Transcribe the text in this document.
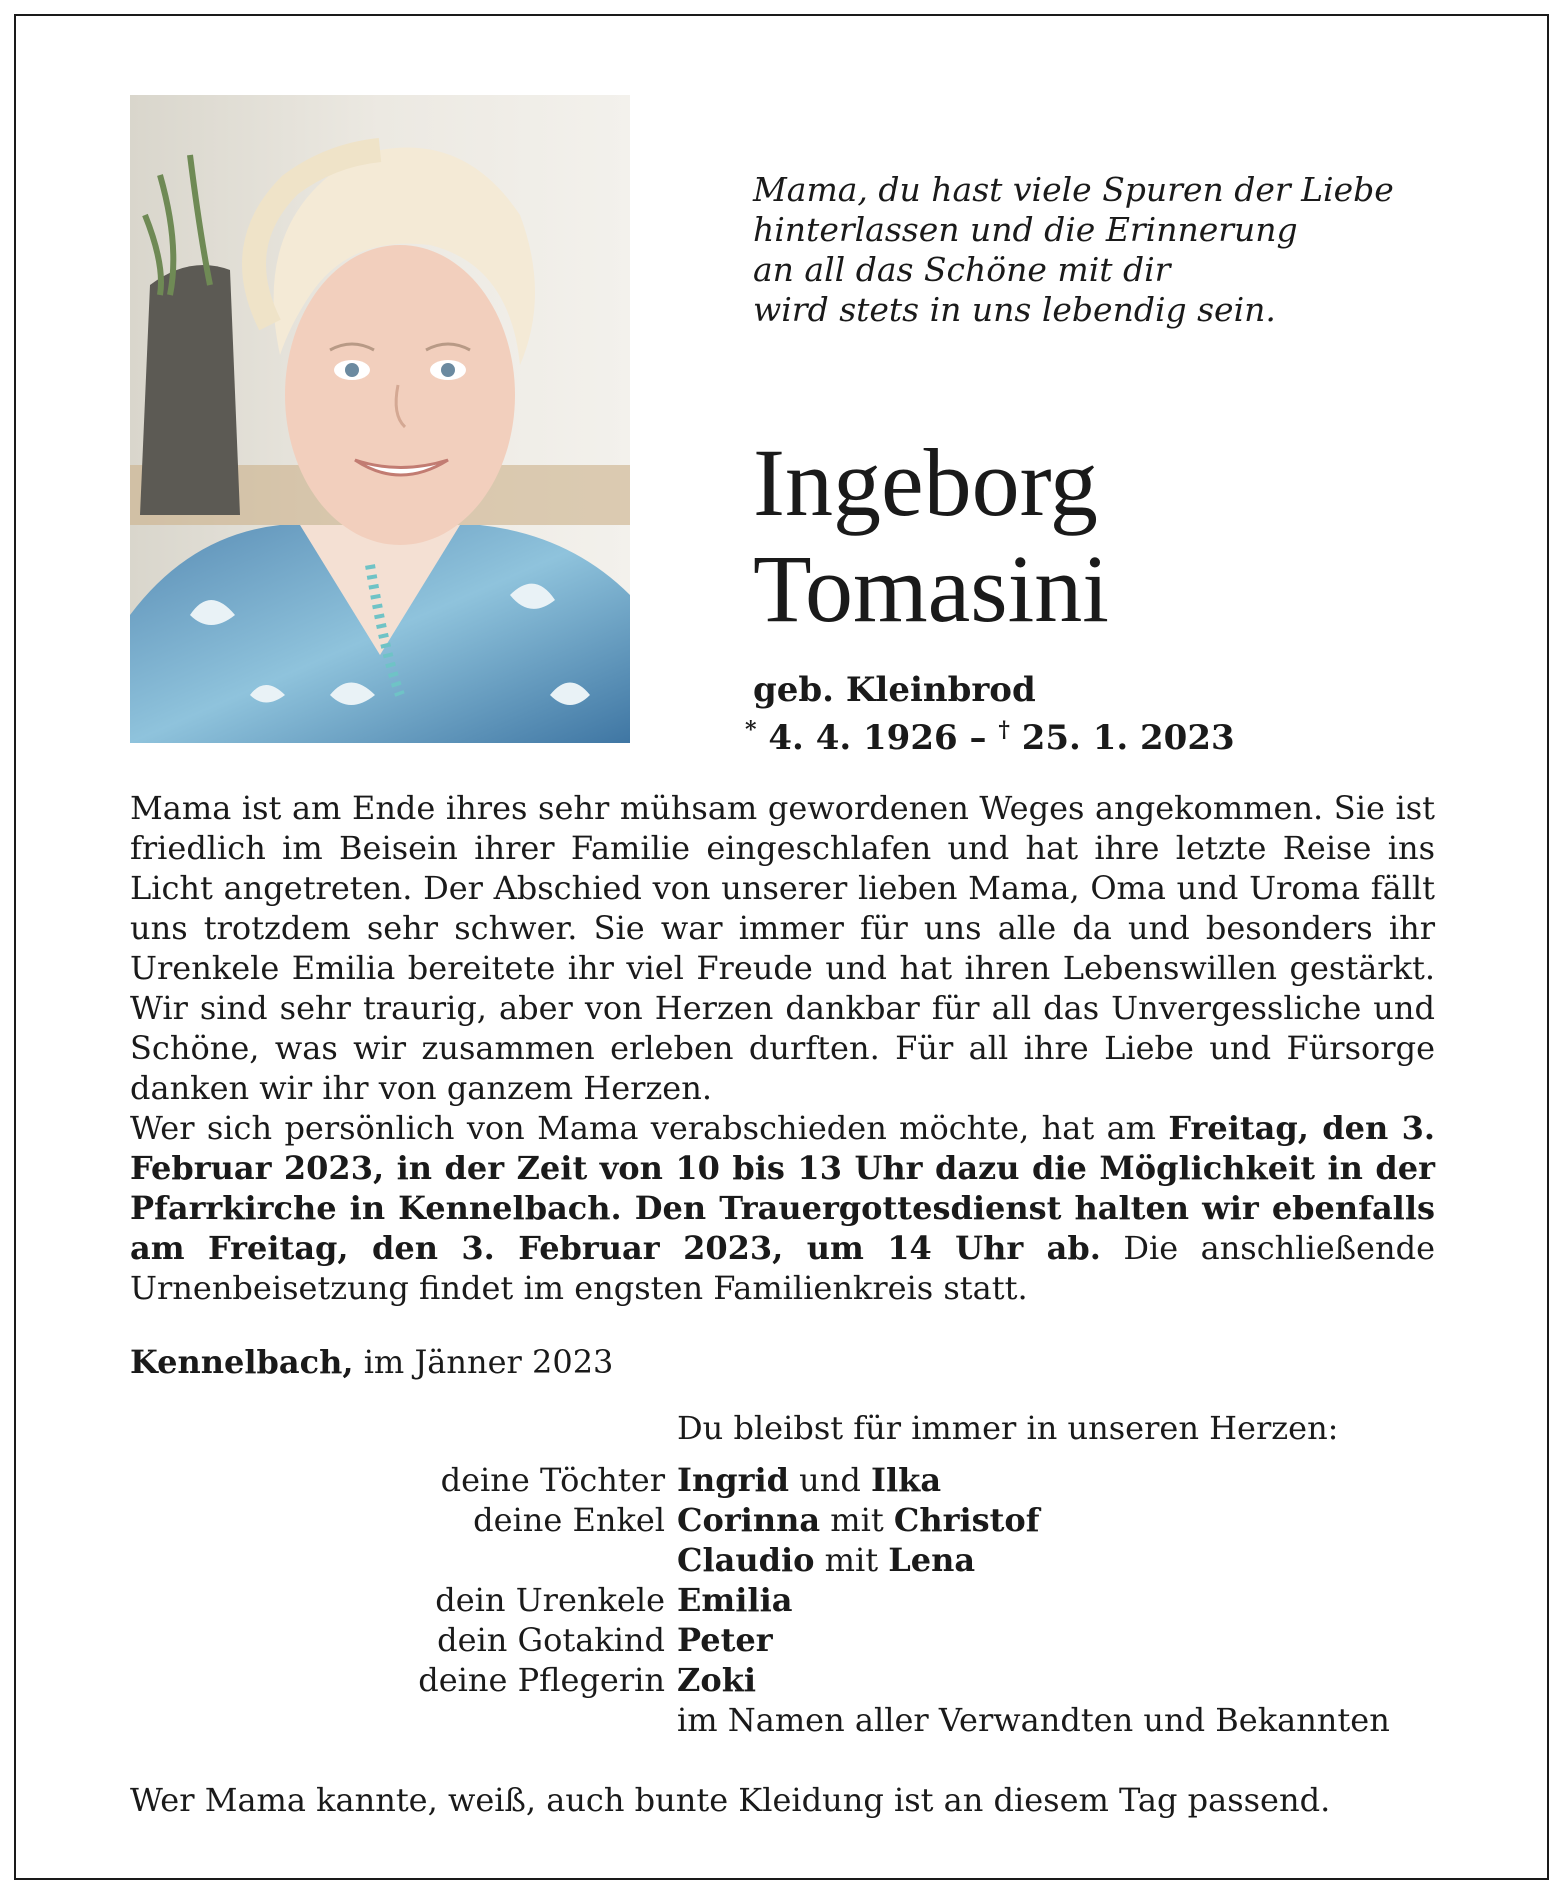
Mama, du hast viele Spuren der Liebe
hinterlassen und die Erinnerung
an all das Schöne mit dir
wird stets in uns lebendig sein.
Ingeborg
Tomasini
geb. Kleinbrod
* 4. 4. 1926 – † 25. 1. 2023

Mama ist am Ende ihres sehr mühsam gewordenen Weges angekommen. Sie ist friedlich im Beisein ihrer Familie eingeschlafen und hat ihre letzte Reise ins Licht angetreten. Der Abschied von unserer lieben Mama, Oma und Uroma fällt uns trotzdem sehr schwer. Sie war immer für uns alle da und besonders ihr Urenkele Emilia bereitete ihr viel Freude und hat ihren Lebenswillen gestärkt. Wir sind sehr traurig, aber von Herzen dankbar für all das Unvergessliche und Schöne, was wir zusammen erleben durften. Für all ihre Liebe und Fürsorge danken wir ihr von ganzem Herzen.

Wer sich persönlich von Mama verabschieden möchte, hat am Freitag, den 3. Februar 2023, in der Zeit von 10 bis 13 Uhr dazu die Möglichkeit in der Pfarrkirche in Kennelbach. Den Trauergottesdienst halten wir ebenfalls am Freitag, den 3. Februar 2023, um 14 Uhr ab. Die anschließende Urnenbeisetzung findet im engsten Familienkreis statt.

Kennelbach, im Jänner 2023
Du bleibst für immer in unseren Herzen:
deine Töchter Ingrid und Ilka
deine Enkel Corinna mit Christof
Claudio mit Lena
dein Urenkele Emilia
dein Gotakind Peter
deine Pflegerin Zoki
im Namen aller Verwandten und Bekannten
Wer Mama kannte, weiß, auch bunte Kleidung ist an diesem Tag passend.
